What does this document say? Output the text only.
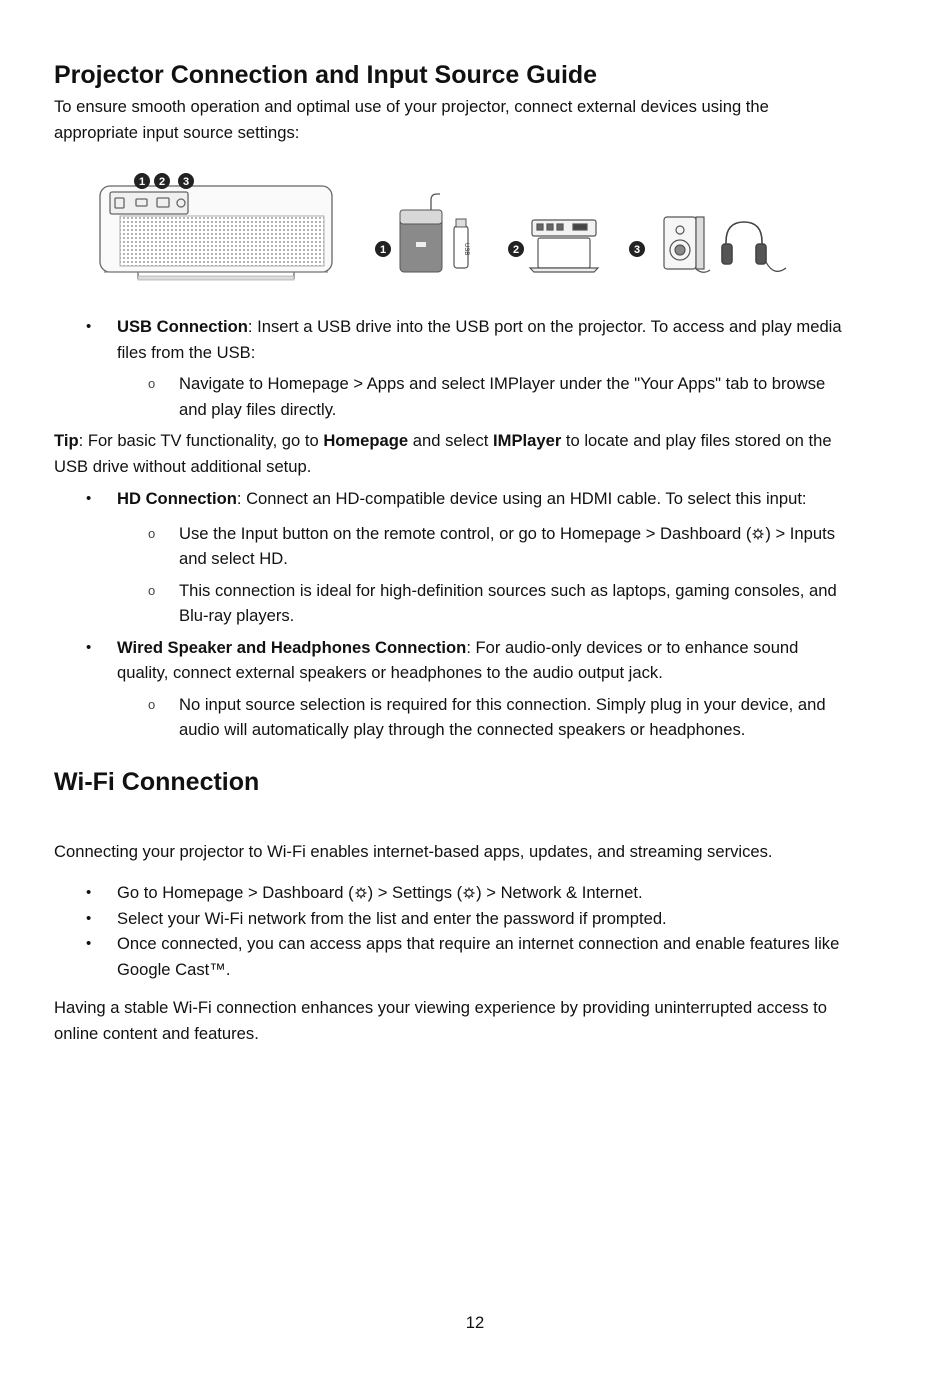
Projector Connection and Input Source Guide

To ensure smooth operation and optimal use of your projector, connect external devices using the appropriate input source settings:

1 2 3
1	USB	2	3
• USB Connection: Insert a USB drive into the USB port on the projector. To access and play media files from the USB:
o Navigate to Homepage > Apps and select IMPlayer under the "Your Apps" tab to browse and play files directly.

Tip: For basic TV functionality, go to Homepage and select IMPlayer to locate and play files stored on the USB drive without additional setup.

• HD Connection: Connect an HD-compatible device using an HDMI cable. To select this input:
o Use the Input button on the remote control, or go to Homepage > Dashboard ( ) > Inputs and select HD.
o This connection is ideal for high-definition sources such as laptops, gaming consoles, and Blu-ray players.
• Wired Speaker and Headphones Connection: For audio-only devices or to enhance sound quality, connect external speakers or headphones to the audio output jack.
o No input source selection is required for this connection. Simply plug in your device, and audio will automatically play through the connected speakers or headphones.
Wi-Fi Connection

Connecting your projector to Wi-Fi enables internet-based apps, updates, and streaming services.

• Go to Homepage > Dashboard ( ) > Settings ( ) > Network & Internet.
• Select your Wi-Fi network from the list and enter the password if prompted.
• Once connected, you can access apps that require an internet connection and enable features like Google Cast™.

Having a stable Wi-Fi connection enhances your viewing experience by providing uninterrupted access to online content and features.

12
